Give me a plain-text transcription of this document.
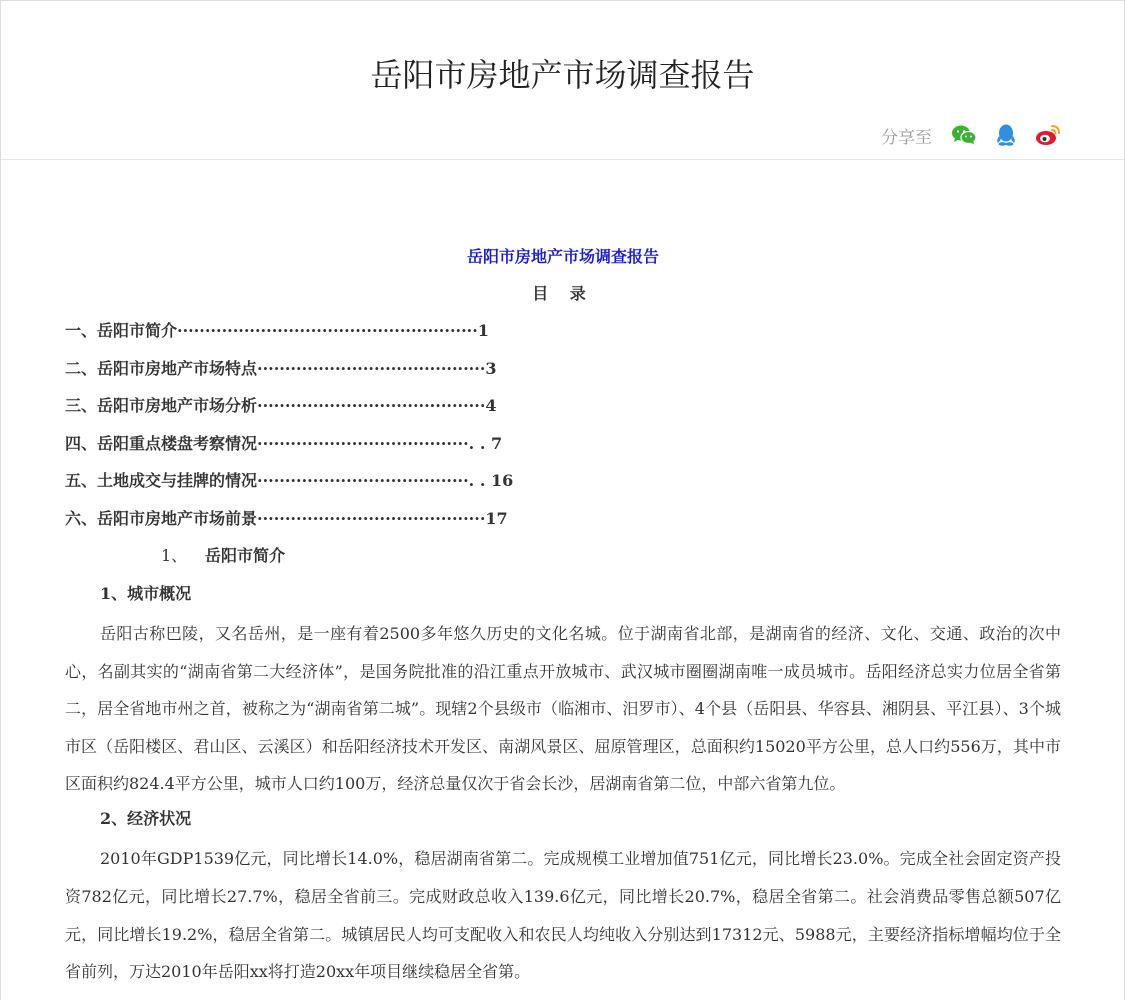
岳阳市房地产市场调查报告
分享至
岳阳市房地产市场调查报告
目 录
一、岳阳市简介······················································1
二、岳阳市房地产市场特点·········································3
三、岳阳市房地产市场分析·········································4
四、岳阳重点楼盘考察情况······································. . 7
五、土地成交与挂牌的情况······································. . 16
六、岳阳市房地产市场前景·········································17
1、 岳阳市简介
1、城市概况

岳阳古称巴陵，又名岳州，是一座有着2500多年悠久历史的文化名城。位于湖南省北部，是湖南省的经济、文化、交通、政治的次中心，名副其实的“湖南省第二大经济体”，是国务院批准的沿江重点开放城市、武汉城市圈圈湖南唯一成员城市。岳阳经济总实力位居全省第二，居全省地市州之首，被称之为“湖南省第二城”。现辖2个县级市（临湘市、汨罗市）、4个县（岳阳县、华容县、湘阴县、平江县）、3个城市区（岳阳楼区、君山区、云溪区）和岳阳经济技术开发区、南湖风景区、屈原管理区，总面积约15020平方公里，总人口约556万，其中市区面积约824.4平方公里，城市人口约100万，经济总量仅次于省会长沙，居湖南省第二位，中部六省第九位。

2、经济状况

2010年GDP1539亿元，同比增长14.0%，稳居湖南省第二。完成规模工业增加值751亿元，同比增长23.0%。完成全社会固定资产投资782亿元，同比增长27.7%，稳居全省前三。完成财政总收入139.6亿元，同比增长20.7%，稳居全省第二。社会消费品零售总额507亿元，同比增长19.2%，稳居全省第二。城镇居民人均可支配收入和农民人均纯收入分别达到17312元、5988元，主要经济指标增幅均位于全省前列，万达2010年岳阳xx将打造20xx年项目继续稳居全省第。
